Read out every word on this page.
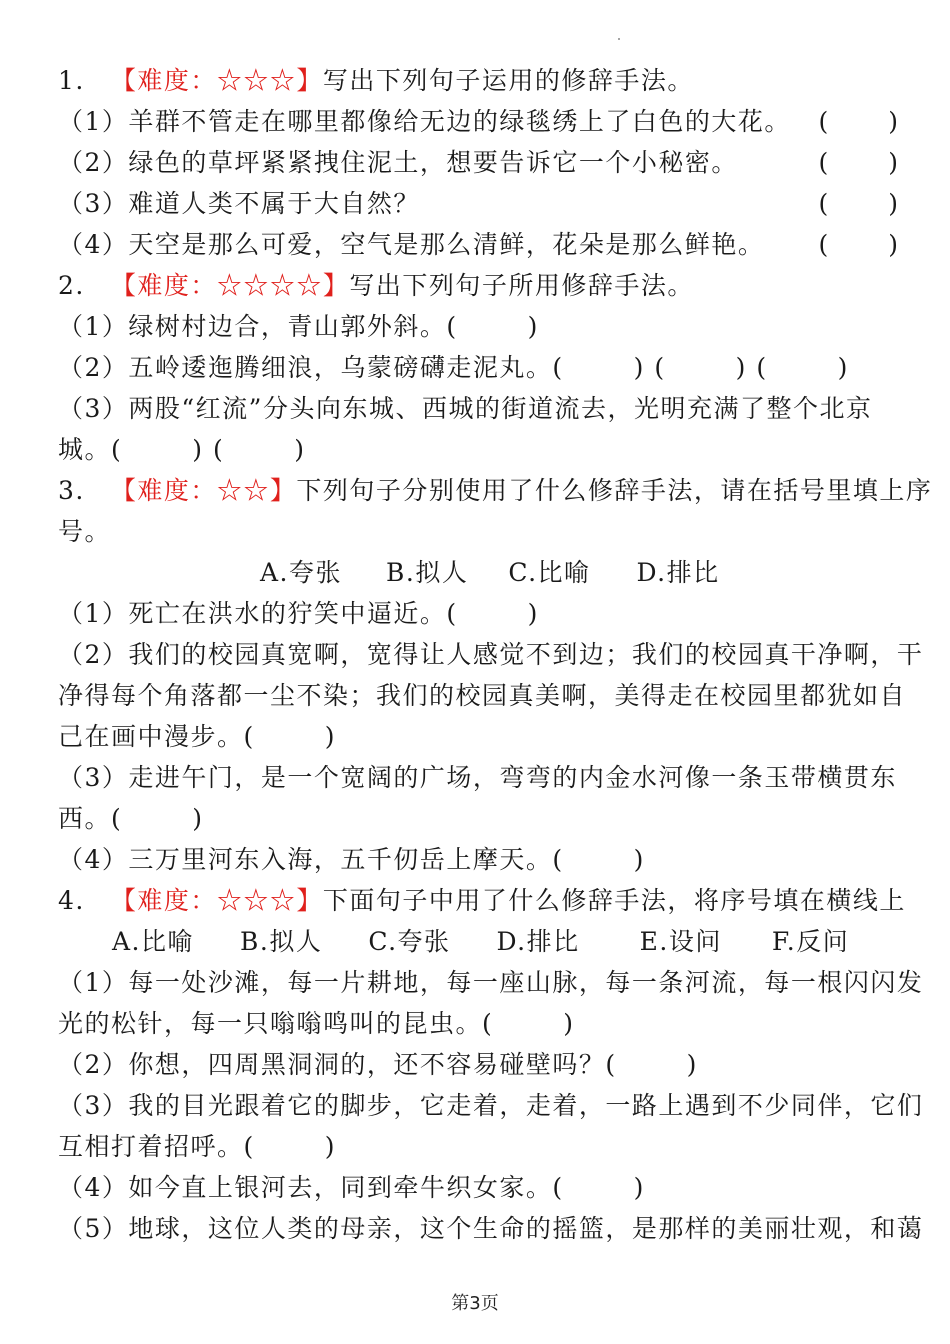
1. 【难度：☆☆☆】写出下列句子运用的修辞手法。
（1）羊群不管走在哪里都像给无边的绿毯绣上了白色的大花。 ( )
（2）绿色的草坪紧紧拽住泥土，想要告诉它一个小秘密。	( )
（3）难道人类不属于大自然？	( )
（4）天空是那么可爱，空气是那么清鲜，花朵是那么鲜艳。 ( )
2. 【难度：☆☆☆☆】写出下列句子所用修辞手法。
（1）绿树村边合，青山郭外斜。(	)
（2）五岭逶迤腾细浪，乌蒙磅礴走泥丸。(	) (	) (	)
（3）两股“红流”分头向东城、西城的街道流去，光明充满了整个北京
城。(	) (	)
3. 【难度：☆☆】下列句子分别使用了什么修辞手法，请在括号里填上序
号。
A.夸张 B.拟人 C.比喻 D.排比
（1）死亡在洪水的狞笑中逼近。(	)
（2）我们的校园真宽啊，宽得让人感觉不到边；我们的校园真干净啊，干
净得每个角落都一尘不染；我们的校园真美啊，美得走在校园里都犹如自
己在画中漫步。(	)
（3）走进午门，是一个宽阔的广场，弯弯的内金水河像一条玉带横贯东
西。(	)
（4）三万里河东入海，五千仞岳上摩天。(	)
4. 【难度：☆☆☆】下面句子中用了什么修辞手法，将序号填在横线上
A.比喻 B.拟人 C.夸张 D.排比 E.设问 F.反问
（1）每一处沙滩，每一片耕地，每一座山脉，每一条河流，每一根闪闪发
光的松针，每一只嗡嗡鸣叫的昆虫。(	)
（2）你想，四周黑洞洞的，还不容易碰壁吗？(	)
（3）我的目光跟着它的脚步，它走着，走着，一路上遇到不少同伴，它们
互相打着招呼。(	)
（4）如今直上银河去，同到牵牛织女家。(	)
（5）地球，这位人类的母亲，这个生命的摇篮，是那样的美丽壮观，和蔼
第3页
